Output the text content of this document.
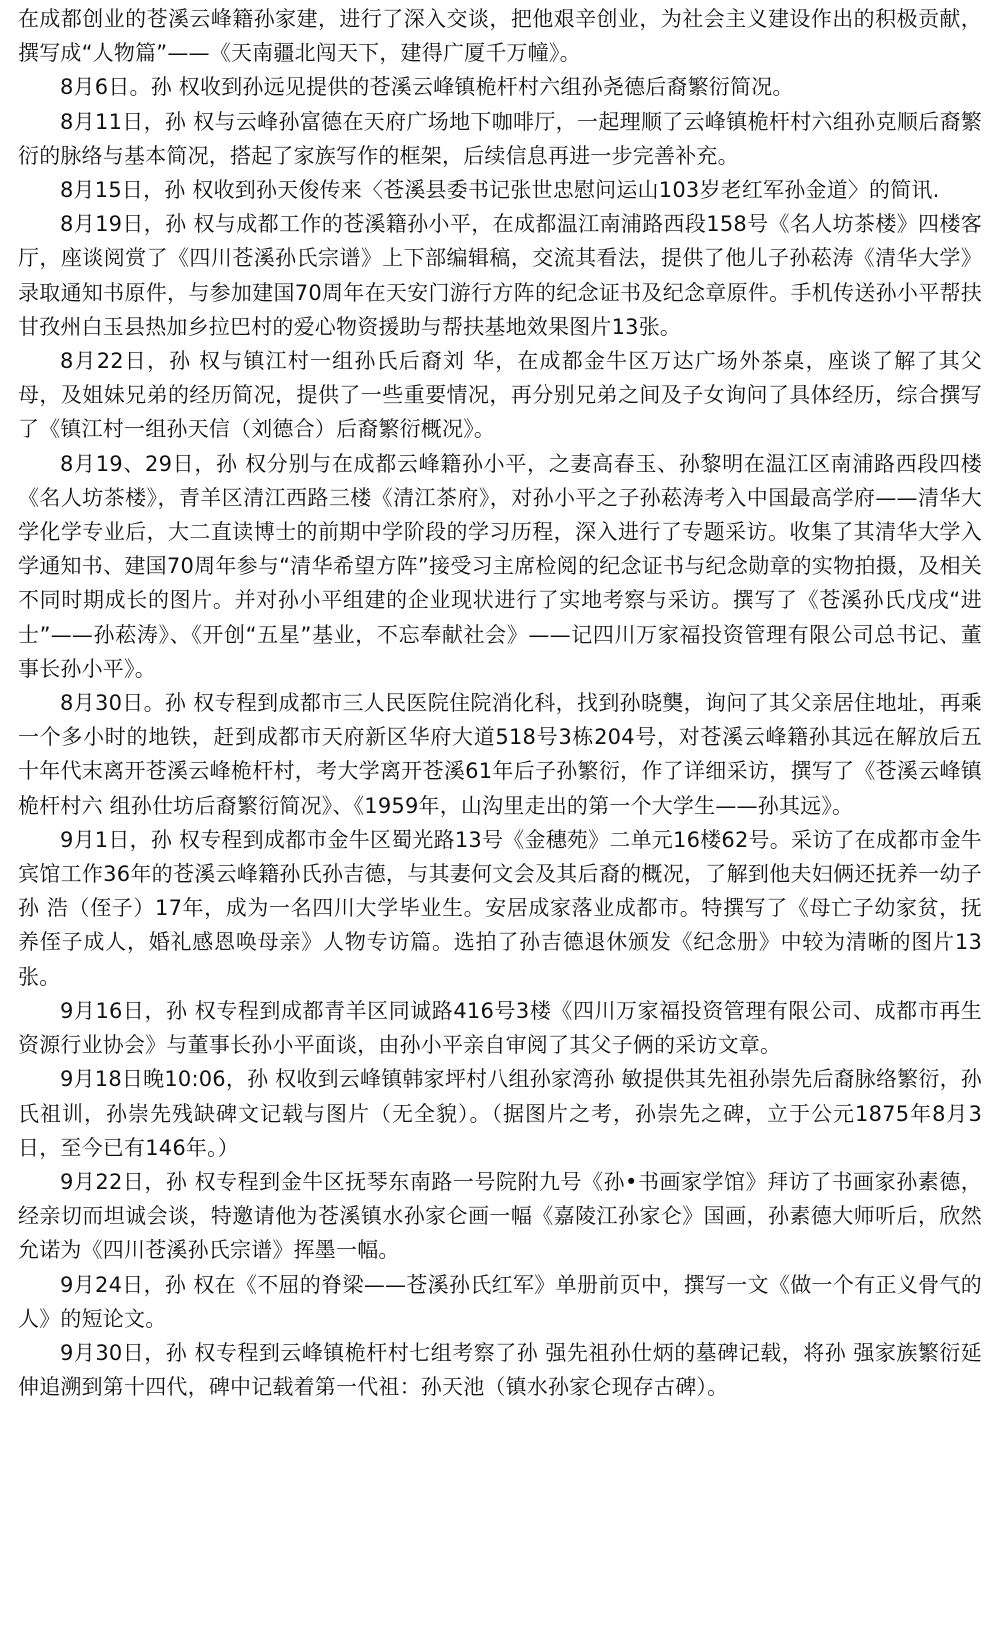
在成都创业的苍溪云峰籍孙家建，进行了深入交谈，把他艰辛创业，为社会主义建设作出的积极贡献，撰写成“人物篇”——《天南疆北闯天下，建得广厦千万幢》。

8月6日。孙 权收到孙远见提供的苍溪云峰镇桅杆村六组孙尧德后裔繁衍简况。

8月11日，孙 权与云峰孙富德在天府广场地下咖啡厅，一起理顺了云峰镇桅杆村六组孙克顺后裔繁衍的脉络与基本简况，搭起了家族写作的框架，后续信息再进一步完善补充。

8月15日，孙 权收到孙天俊传来〈苍溪县委书记张世忠慰问运山103岁老红军孙金道〉的简讯.

8月19日，孙 权与成都工作的苍溪籍孙小平，在成都温江南浦路西段158号《名人坊茶楼》四楼客厅，座谈阅赏了《四川苍溪孙氏宗谱》上下部编辑稿，交流其看法，提供了他儿子孙菘涛《清华大学》录取通知书原件，与参加建国70周年在天安门游行方阵的纪念证书及纪念章原件。手机传送孙小平帮扶甘孜州白玉县热加乡拉巴村的爱心物资援助与帮扶基地效果图片13张。

8月22日，孙 权与镇江村一组孙氏后裔刘 华，在成都金牛区万达广场外茶桌，座谈了解了其父母，及姐妹兄弟的经历简况，提供了一些重要情况，再分别兄弟之间及子女询问了具体经历，综合撰写了《镇江村一组孙天信（刘德合）后裔繁衍概况》。

8月19、29日，孙 权分别与在成都云峰籍孙小平，之妻高春玉、孙黎明在温江区南浦路西段四楼《名人坊茶楼》，青羊区清江西路三楼《清江茶府》，对孙小平之子孙菘涛考入中国最高学府——清华大学化学专业后，大二直读博士的前期中学阶段的学习历程，深入进行了专题采访。收集了其清华大学入学通知书、建国70周年参与“清华希望方阵”接受习主席检阅的纪念证书与纪念勋章的实物拍摄，及相关不同时期成长的图片。并对孙小平组建的企业现状进行了实地考察与采访。撰写了《苍溪孙氏戊戌“进士”——孙菘涛》、《开创“五星”基业，不忘奉献社会》——记四川万家福投资管理有限公司总书记、董事长孙小平》。

8月30日。孙 权专程到成都市三人民医院住院消化科，找到孙晓龑，询问了其父亲居住地址，再乘一个多小时的地铁，赶到成都市天府新区华府大道518号3栋204号，对苍溪云峰籍孙其远在解放后五十年代末离开苍溪云峰桅杆村，考大学离开苍溪61年后子孙繁衍，作了详细采访，撰写了《苍溪云峰镇桅杆村六 组孙仕坊后裔繁衍简况》、《1959年，山沟里走出的第一个大学生——孙其远》。

9月1日，孙 权专程到成都市金牛区蜀光路13号《金穗苑》二单元16楼62号。采访了在成都市金牛宾馆工作36年的苍溪云峰籍孙氏孙吉德，与其妻何文会及其后裔的概况，了解到他夫妇俩还抚养一幼子孙 浩（侄子）17年，成为一名四川大学毕业生。安居成家落业成都市。特撰写了《母亡子幼家贫，抚养侄子成人，婚礼感恩唤母亲》人物专访篇。选拍了孙吉德退休颁发《纪念册》中较为清晰的图片13张。

9月16日，孙 权专程到成都青羊区同诚路416号3楼《四川万家福投资管理有限公司、成都市再生资源行业协会》与董事长孙小平面谈，由孙小平亲自审阅了其父子俩的采访文章。

9月18日晚10:06，孙 权收到云峰镇韩家坪村八组孙家湾孙 敏提供其先祖孙崇先后裔脉络繁衍，孙氏祖训，孙崇先残缺碑文记载与图片（无全貌）。（据图片之考，孙崇先之碑，立于公元1875年8月3日，至今已有146年。）

9月22日，孙 权专程到金牛区抚琴东南路一号院附九号《孙•书画家学馆》拜访了书画家孙素德，经亲切而坦诚会谈，特邀请他为苍溪镇水孙家仑画一幅《嘉陵江孙家仑》国画，孙素德大师听后，欣然允诺为《四川苍溪孙氏宗谱》挥墨一幅。

9月24日，孙 权在《不屈的脊梁——苍溪孙氏红军》单册前页中，撰写一文《做一个有正义骨气的人》的短论文。

9月30日，孙 权专程到云峰镇桅杆村七组考察了孙 强先祖孙仕炳的墓碑记载，将孙 强家族繁衍延伸追溯到第十四代，碑中记载着第一代祖：孙天池（镇水孙家仑现存古碑）。
